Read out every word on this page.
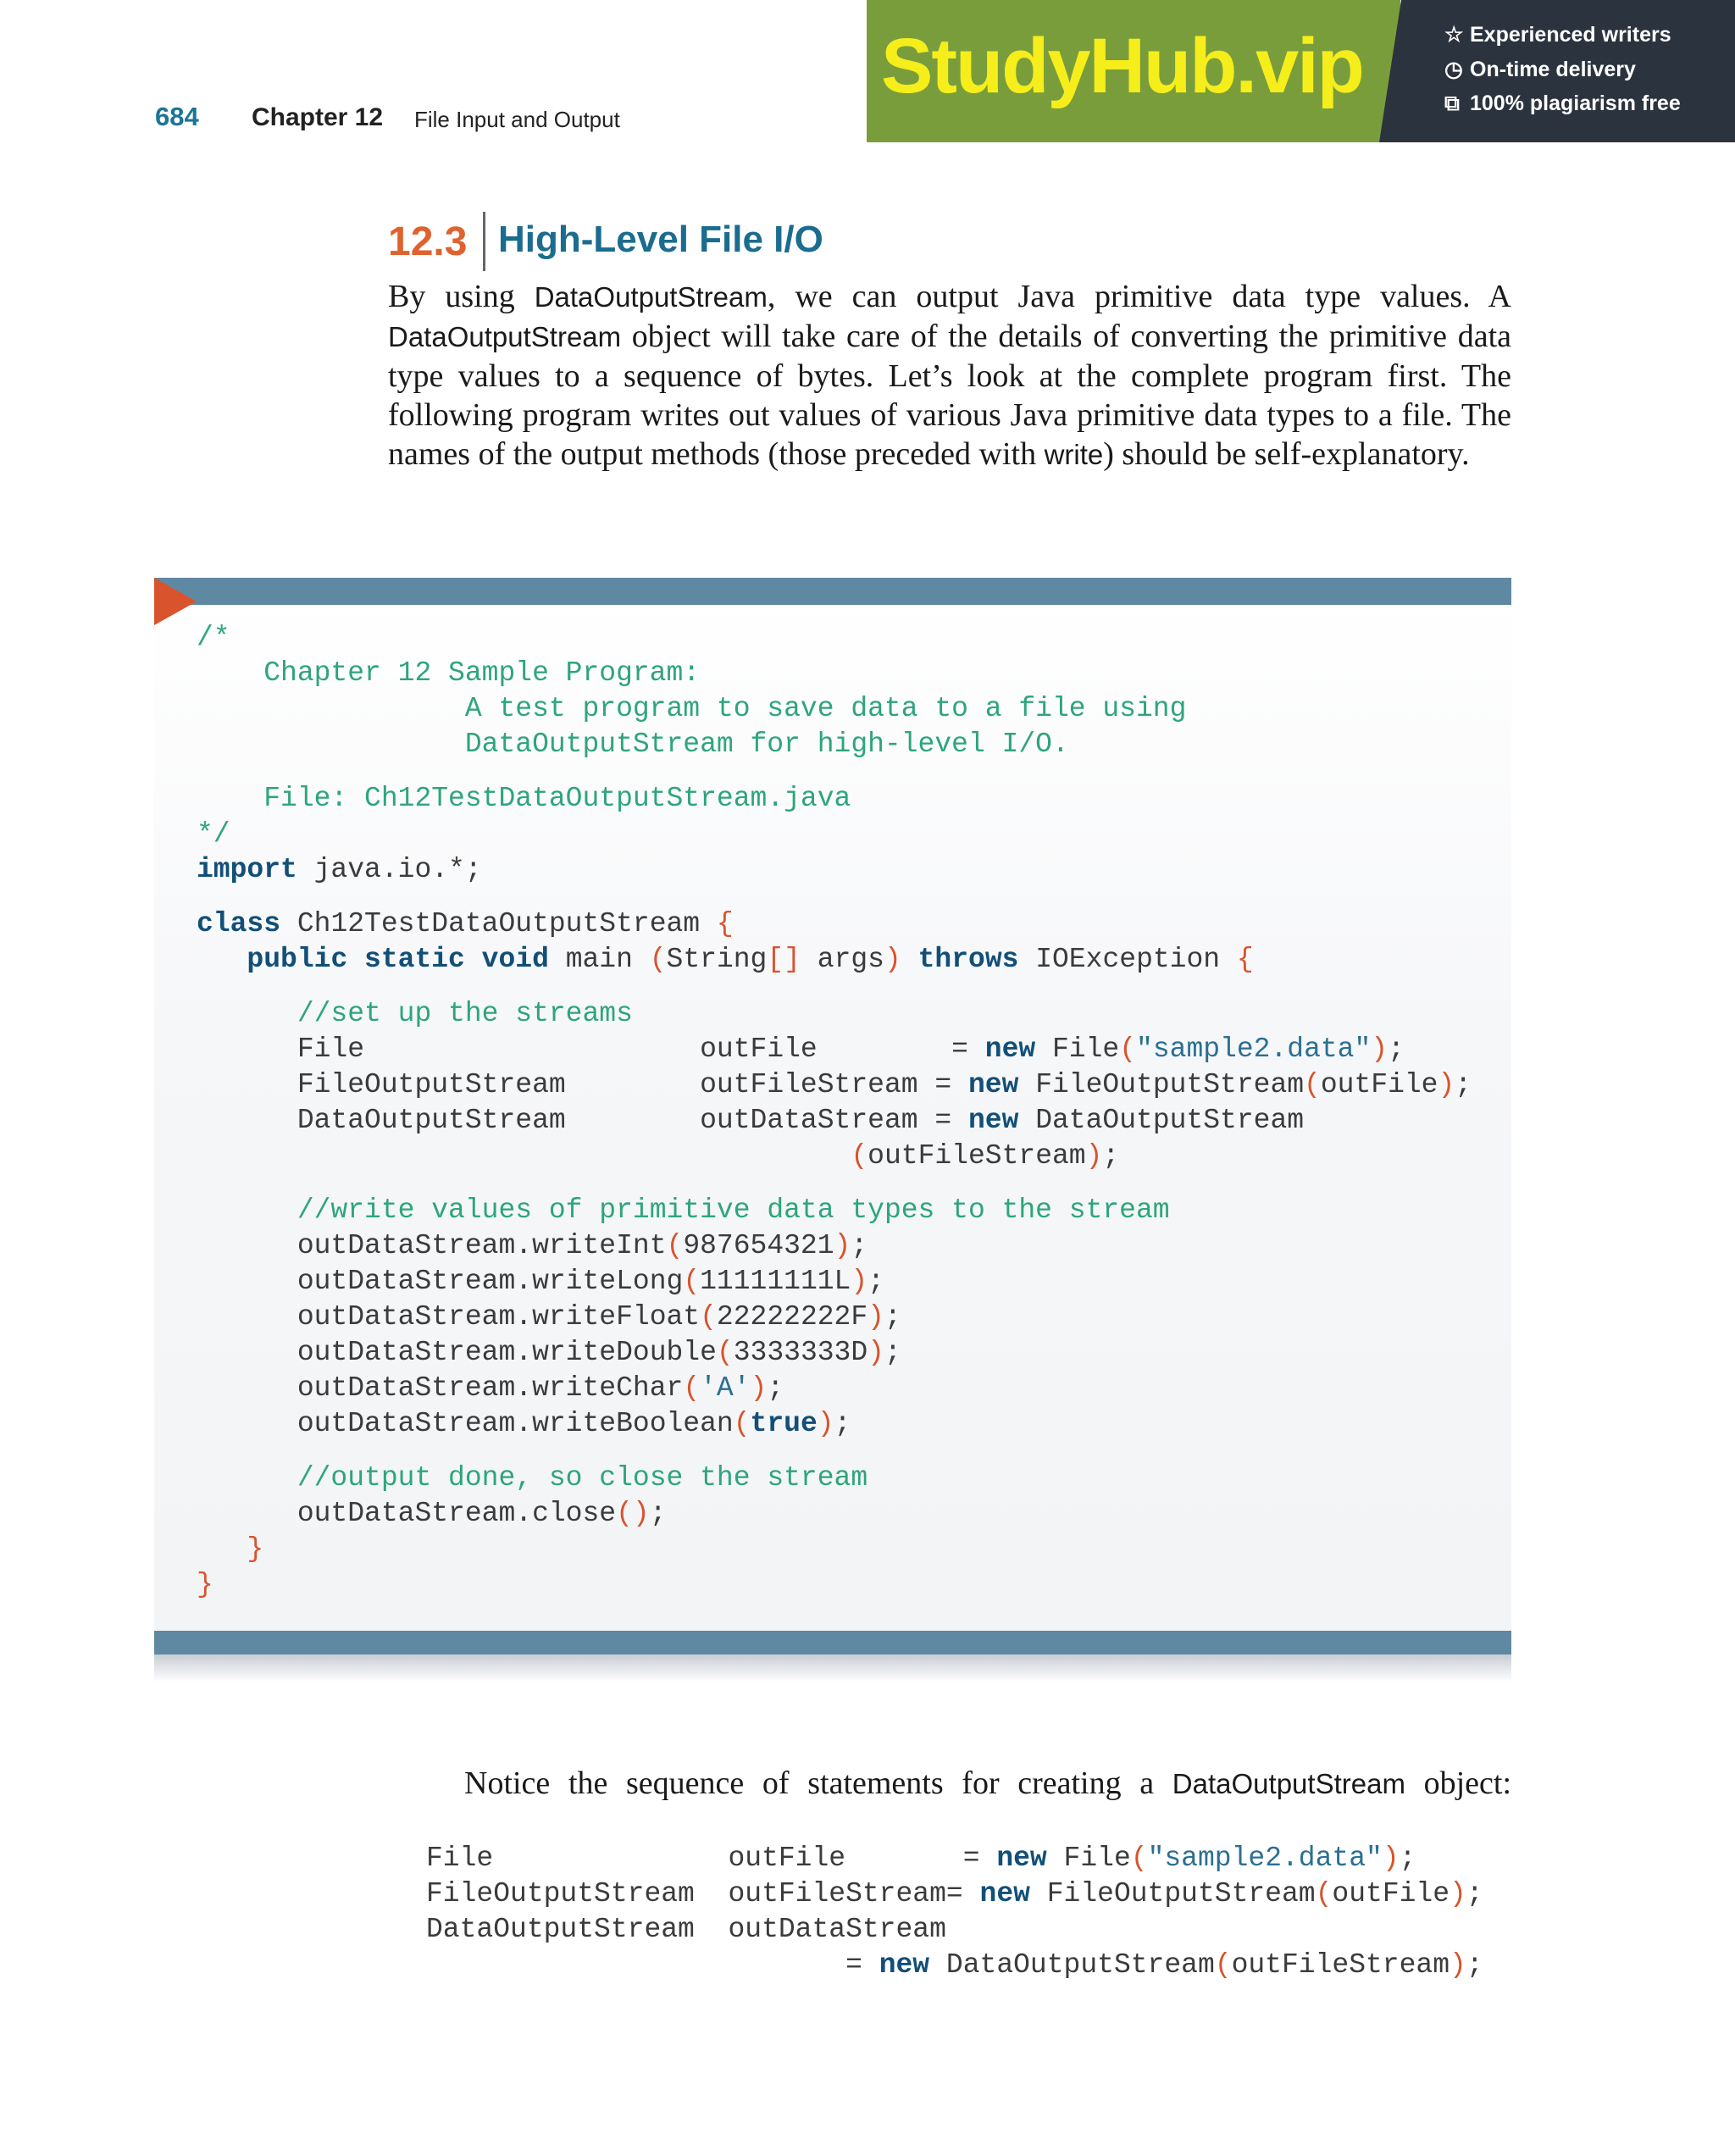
684 Chapter 12 File Input and Output
StudyHub.vip	☆ Experienced writers
◷ On-time delivery
⧉ 100% plagiarism free
12.3 High-Level File I/O
By using DataOutputStream, we can output Java primitive data type values. A DataOutputStream object will take care of the details of converting the primitive data type values to a sequence of bytes. Let’s look at the complete program first. The following program writes out values of various Java primitive data types to a file. The names of the output methods (those preceded with write) should be self-explanatory.
/*
Chapter 12 Sample Program:
A test program to save data to a file using
DataOutputStream for high-level I/O.
File: Ch12TestDataOutputStream.java
*/
import java.io.*;
class Ch12TestDataOutputStream {
public static void main (String[] args) throws IOException {
//set up the streams
File                    outFile        = new File("sample2.data");
FileOutputStream        outFileStream = new FileOutputStream(outFile);
DataOutputStream        outDataStream = new DataOutputStream
(outFileStream);
//write values of primitive data types to the stream
outDataStream.writeInt(987654321);
outDataStream.writeLong(11111111L);
outDataStream.writeFloat(22222222F);
outDataStream.writeDouble(3333333D);
outDataStream.writeChar('A');
outDataStream.writeBoolean(true);
//output done, so close the stream
outDataStream.close();
}
}
Notice the sequence of statements for creating a DataOutputStream object:
File              outFile       = new File("sample2.data");
FileOutputStream  outFileStream= new FileOutputStream(outFile);
DataOutputStream  outDataStream
= new DataOutputStream(outFileStream);
